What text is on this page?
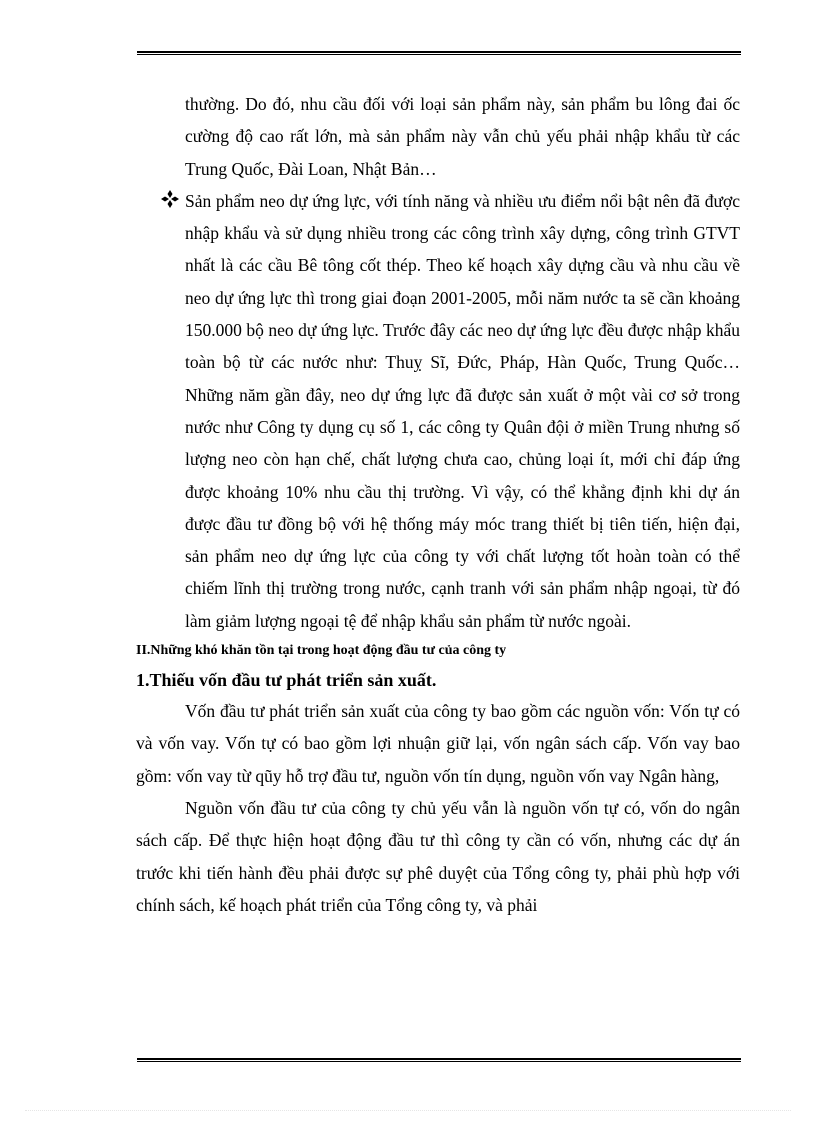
thường. Do đó, nhu cầu đối với loại sản phẩm này, sản phẩm bu lông đai ốc cường độ cao rất lớn, mà sản phẩm này vẫn chủ yếu phải nhập khẩu từ các Trung Quốc, Đài Loan, Nhật Bản…

Sản phẩm neo dự ứng lực, với tính năng và nhiều ưu điểm nổi bật nên đã được nhập khẩu và sử dụng nhiều trong các công trình xây dựng, công trình GTVT nhất là các cầu Bê tông cốt thép. Theo kế hoạch xây dựng cầu và nhu cầu về neo dự ứng lực thì trong giai đoạn 2001-2005, mỗi năm nước ta sẽ cần khoảng 150.000 bộ neo dự ứng lực. Trước đây các neo dự ứng lực đều được nhập khẩu toàn bộ từ các nước như: Thuỵ Sĩ, Đức, Pháp, Hàn Quốc, Trung Quốc… Những năm gần đây, neo dự ứng lực đã được sản xuất ở một vài cơ sở trong nước như Công ty dụng cụ số 1, các công ty Quân đội ở miền Trung nhưng số lượng neo còn hạn chế, chất lượng chưa cao, chủng loại ít, mới chỉ đáp ứng được khoảng 10% nhu cầu thị trường. Vì vậy, có thể khẳng định khi dự án được đầu tư đồng bộ với hệ thống máy móc trang thiết bị tiên tiến, hiện đại, sản phẩm neo dự ứng lực của công ty với chất lượng tốt hoàn toàn có thể chiếm lĩnh thị trường trong nước, cạnh tranh với sản phẩm nhập ngoại, từ đó làm giảm lượng ngoại tệ để nhập khẩu sản phẩm từ nước ngoài.

II.Những khó khăn tồn tại trong hoạt động đầu tư của công ty
1.Thiếu vốn đầu tư phát triển sản xuất.

Vốn đầu tư phát triển sản xuất của công ty bao gồm các nguồn vốn: Vốn tự có và vốn vay. Vốn tự có bao gồm lợi nhuận giữ lại, vốn ngân sách cấp. Vốn vay bao gồm: vốn vay từ qũy hỗ trợ đầu tư, nguồn vốn tín dụng, nguồn vốn vay Ngân hàng,

Nguồn vốn đầu tư của công ty chủ yếu vẫn là nguồn vốn tự có, vốn do ngân sách cấp. Để thực hiện hoạt động đầu tư thì công ty cần có vốn, nhưng các dự án trước khi tiến hành đều phải được sự phê duyệt của Tổng công ty, phải phù hợp với chính sách, kế hoạch phát triển của Tổng công ty, và phải
